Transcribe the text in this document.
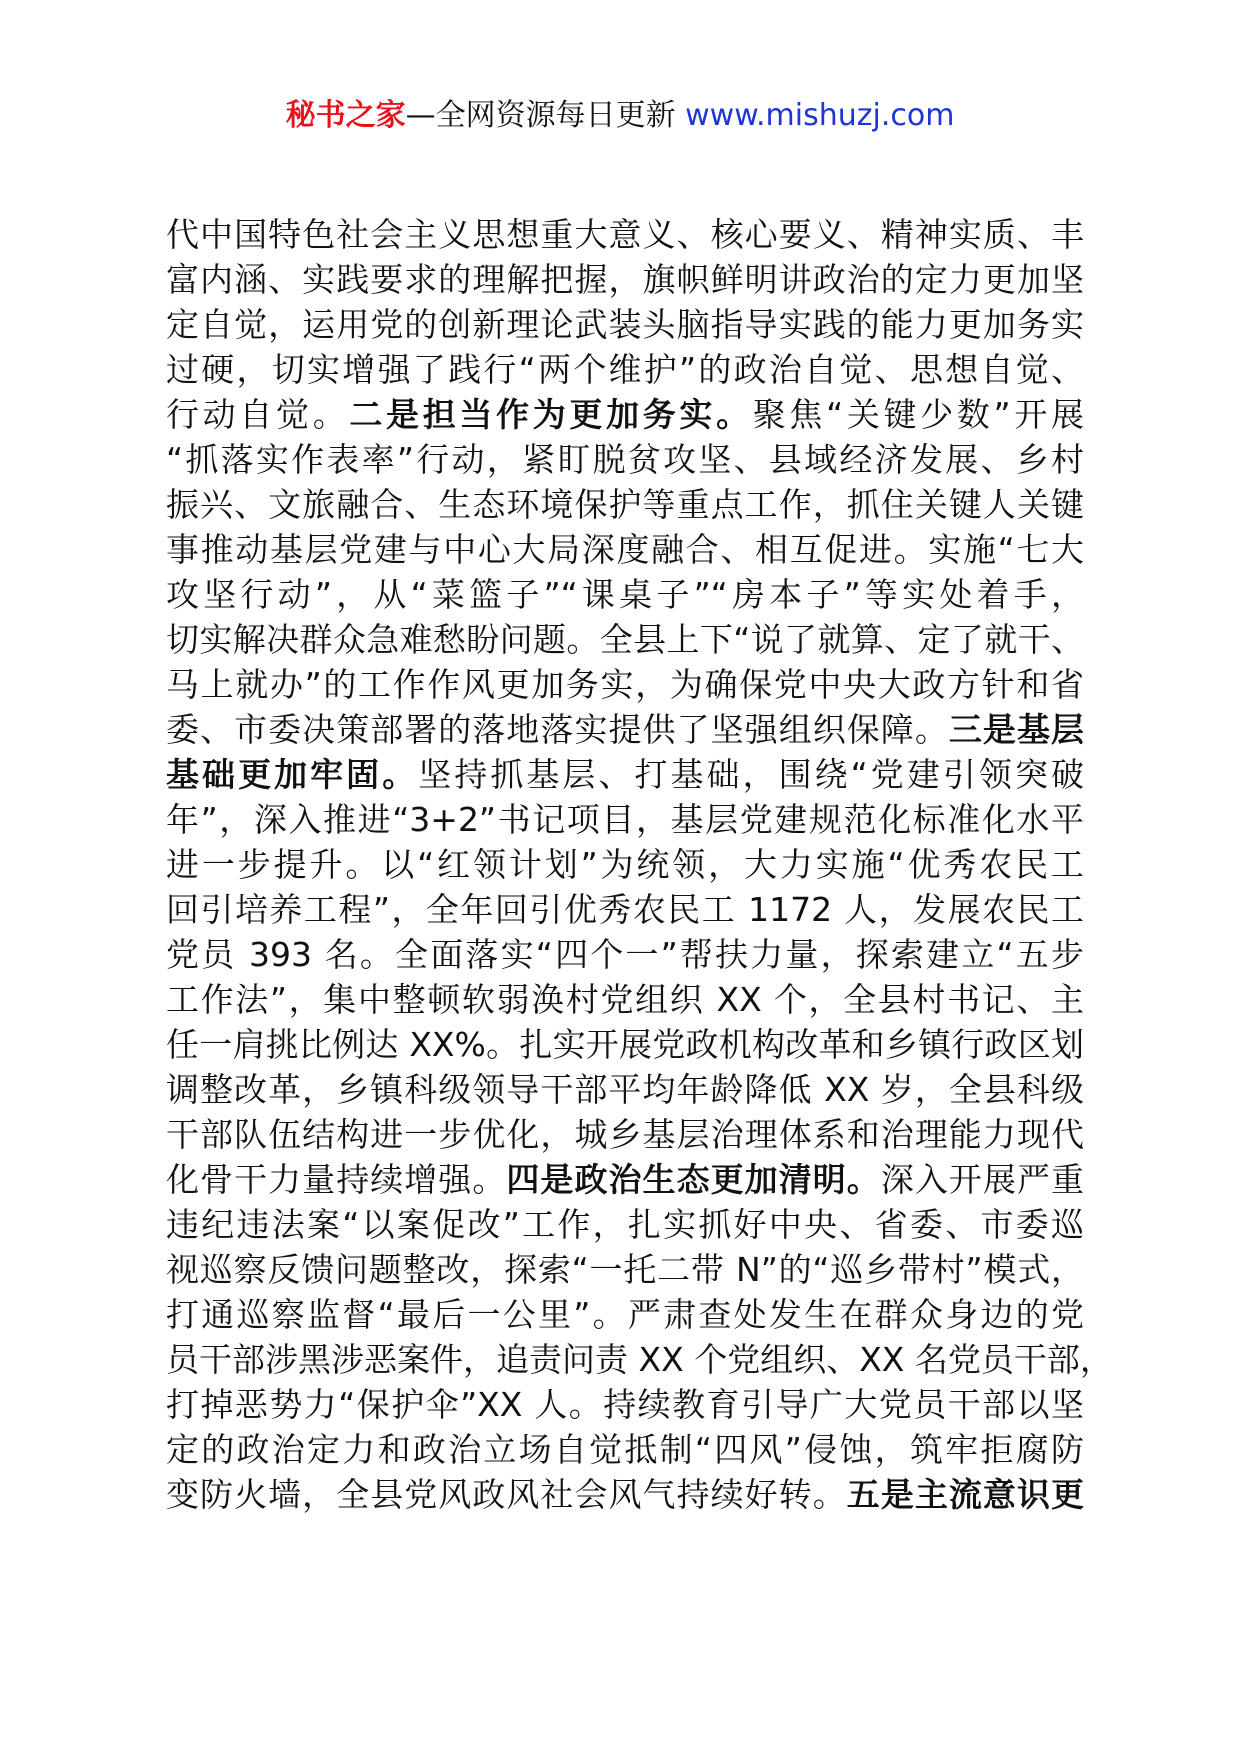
秘书之家—全网资源每日更新 www.mishuzj.com
代中国特色社会主义思想重大意义、核心要义、精神实质、丰
富内涵、实践要求的理解把握，旗帜鲜明讲政治的定力更加坚
定自觉，运用党的创新理论武装头脑指导实践的能力更加务实
过硬，切实增强了践行“两个维护”的政治自觉、思想自觉、
行动自觉。二是担当作为更加务实。聚焦“关键少数”开展
“抓落实作表率”行动，紧盯脱贫攻坚、县域经济发展、乡村
振兴、文旅融合、生态环境保护等重点工作，抓住关键人关键
事推动基层党建与中心大局深度融合、相互促进。实施“七大
攻坚行动”，从“菜篮子”“课桌子”“房本子”等实处着手，
切实解决群众急难愁盼问题。全县上下“说了就算、定了就干、
马上就办”的工作作风更加务实，为确保党中央大政方针和省
委、市委决策部署的落地落实提供了坚强组织保障。三是基层
基础更加牢固。坚持抓基层、打基础，围绕“党建引领突破
年”，深入推进“3+2”书记项目，基层党建规范化标准化水平
进一步提升。以“红领计划”为统领，大力实施“优秀农民工
回引培养工程”，全年回引优秀农民工 1172 人，发展农民工
党员 393 名。全面落实“四个一”帮扶力量，探索建立“五步
工作法”，集中整顿软弱涣村党组织 XX 个，全县村书记、主
任一肩挑比例达 XX%。扎实开展党政机构改革和乡镇行政区划
调整改革，乡镇科级领导干部平均年龄降低 XX 岁，全县科级
干部队伍结构进一步优化，城乡基层治理体系和治理能力现代
化骨干力量持续增强。四是政治生态更加清明。深入开展严重
违纪违法案“以案促改”工作，扎实抓好中央、省委、市委巡
视巡察反馈问题整改，探索“一托二带 N”的“巡乡带村”模式，
打通巡察监督“最后一公里”。严肃查处发生在群众身边的党
员干部涉黑涉恶案件，追责问责 XX 个党组织、XX 名党员干部，
打掉恶势力“保护伞”XX 人。持续教育引导广大党员干部以坚
定的政治定力和政治立场自觉抵制“四风”侵蚀，筑牢拒腐防
变防火墙，全县党风政风社会风气持续好转。五是主流意识更
